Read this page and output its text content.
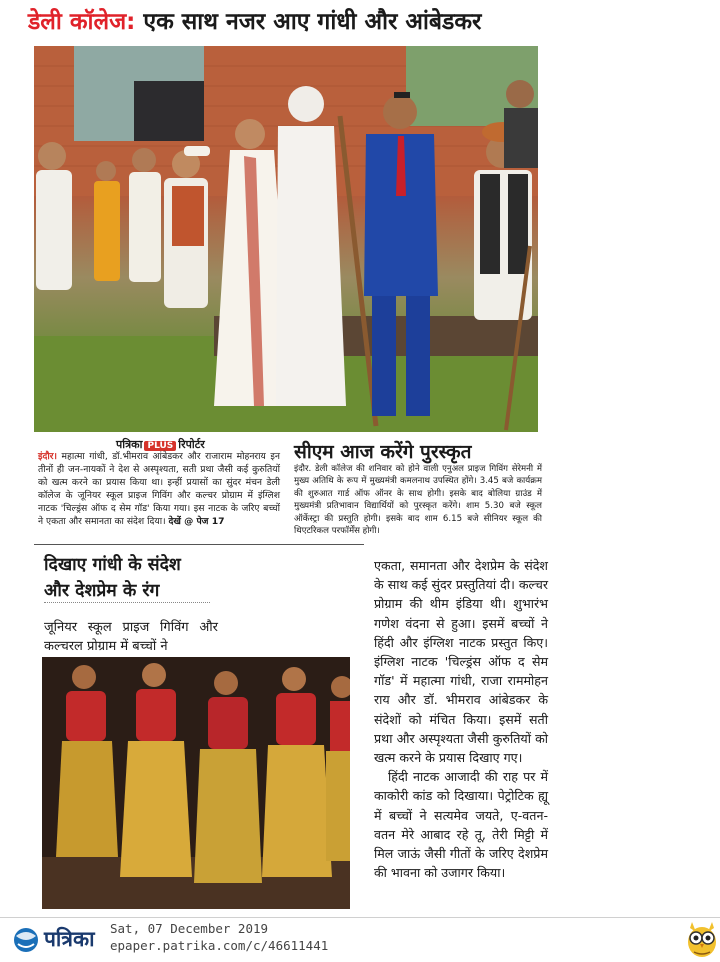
डेली कॉलेज: एक साथ नजर आए गांधी और आंबेडकर
पत्रिका PLUS रिपोर्टर
इंदौर। महात्मा गांधी, डॉ.भीमराव आंबेडकर और राजाराम मोहनराय इन तीनों ही जन-नायकों ने देश से अस्पृश्यता, सती प्रथा जैसी कई कुरुतियों को खत्म करने का प्रयास किया था। इन्हीं प्रयासों का सुंदर मंचन डेली कॉलेज के जूनियर स्कूल प्राइज गिविंग और कल्चर प्रोग्राम में इंग्लिश नाटक 'चिल्ड्रंस ऑफ द सेम गॉड' किया गया। इस नाटक के जरिए बच्चों ने एकता और समानता का संदेश दिया। देखें @ पेज 17
सीएम आज करेंगे पुरस्कृत
इंदौर. डेली कॉलेज की शनिवार को होने वाली एनुअल प्राइज गिविंग सेरेमनी में मुख्य अतिथि के रूप में मुख्यमंत्री कमलनाथ उपस्थित होंगे। 3.45 बजे कार्यक्रम की शुरुआत गार्ड ऑफ ऑनर के साथ होगी। इसके बाद बोलिया ग्राउंड में मुख्यमंत्री प्रतिभावान विद्यार्थियों को पुरस्कृत करेंगे। शाम 5.30 बजे स्कूल ऑर्केस्ट्रा की प्रस्तुति होगी। इसके बाद शाम 6.15 बजे सीनियर स्कूल की थिएटरिकल परफॉर्मेंस होगी।
दिखाए गांधी के संदेश
और देशप्रेम के रंग
जूनियर स्कूल प्राइज गिविंग और कल्चरल प्रोग्राम में बच्चों ने

एकता, समानता और देशप्रेम के संदेश के साथ कई सुंदर प्रस्तुतियां दी। कल्चर प्रोग्राम की थीम इंडिया थी। शुभारंभ गणेश वंदना से हुआ। इसमें बच्चों ने हिंदी और इंग्लिश नाटक प्रस्तुत किए। इंग्लिश नाटक 'चिल्ड्रंस ऑफ द सेम गॉड' में महात्मा गांधी, राजा राममोहन राय और डॉ. भीमराव आंबेडकर के संदेशों को मंचित किया। इसमें सती प्रथा और अस्पृश्यता जैसी कुरुतियों को खत्म करने के प्रयास दिखाए गए।

हिंदी नाटक आजादी की राह पर में काकोरी कांड को दिखाया। पेट्रोटिक ह्यू में बच्चों ने सत्यमेव जयते, ए-वतन-वतन मेरे आबाद रहे तू, तेरी मिट्टी में मिल जाऊं जैसी गीतों के जरिए देशप्रेम की भावना को उजागर किया।

पत्रिका Sat, 07 December 2019
epaper.patrika.com/c/46611441
